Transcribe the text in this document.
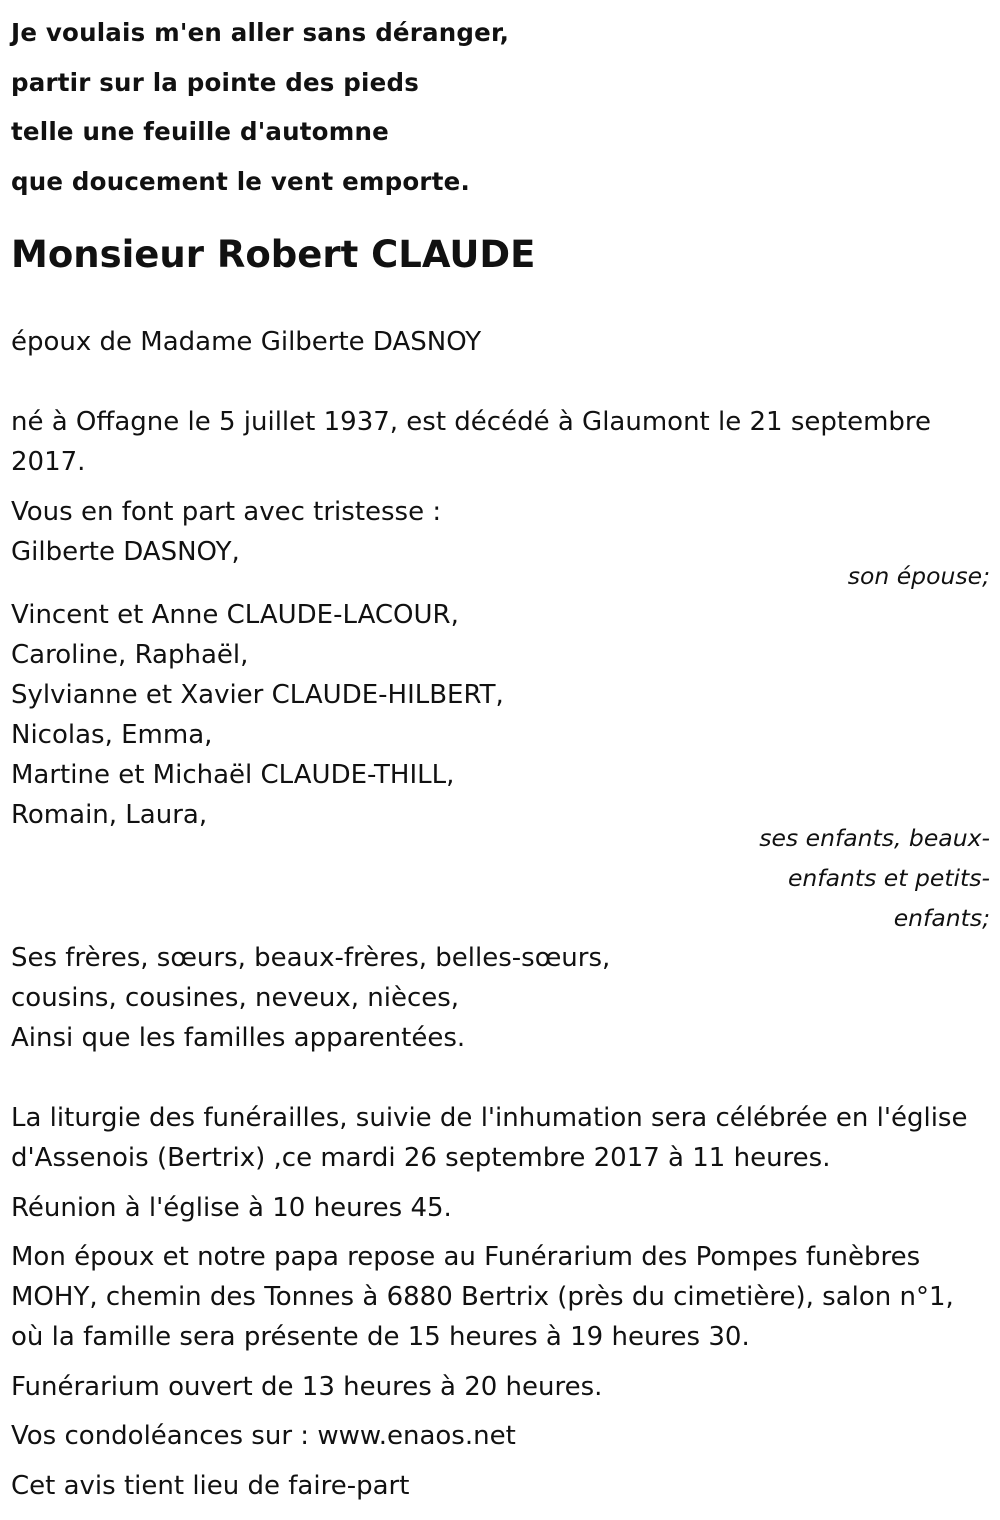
Je voulais m'en aller sans déranger,
partir sur la pointe des pieds
telle une feuille d'automne
que doucement le vent emporte.
Monsieur Robert CLAUDE
époux de Madame Gilberte DASNOY
né à Offagne le 5 juillet 1937, est décédé à Glaumont le 21 septembre
2017.
Vous en font part avec tristesse :
Gilberte DASNOY,
son épouse;
Vincent et Anne CLAUDE-LACOUR,
Caroline, Raphaël,
Sylvianne et Xavier CLAUDE-HILBERT,
Nicolas, Emma,
Martine et Michaël CLAUDE-THILL,
Romain, Laura,
ses enfants, beaux-
enfants et petits-
enfants;
Ses frères, sœurs, beaux-frères, belles-sœurs,
cousins, cousines, neveux, nièces,
Ainsi que les familles apparentées.
La liturgie des funérailles, suivie de l'inhumation sera célébrée en l'église
d'Assenois (Bertrix) ,ce mardi 26 septembre 2017 à 11 heures.
Réunion à l'église à 10 heures 45.
Mon époux et notre papa repose au Funérarium des Pompes funèbres
MOHY, chemin des Tonnes à 6880 Bertrix (près du cimetière), salon n°1,
où la famille sera présente de 15 heures à 19 heures 30.
Funérarium ouvert de 13 heures à 20 heures.
Vos condoléances sur : www.enaos.net
Cet avis tient lieu de faire-part
